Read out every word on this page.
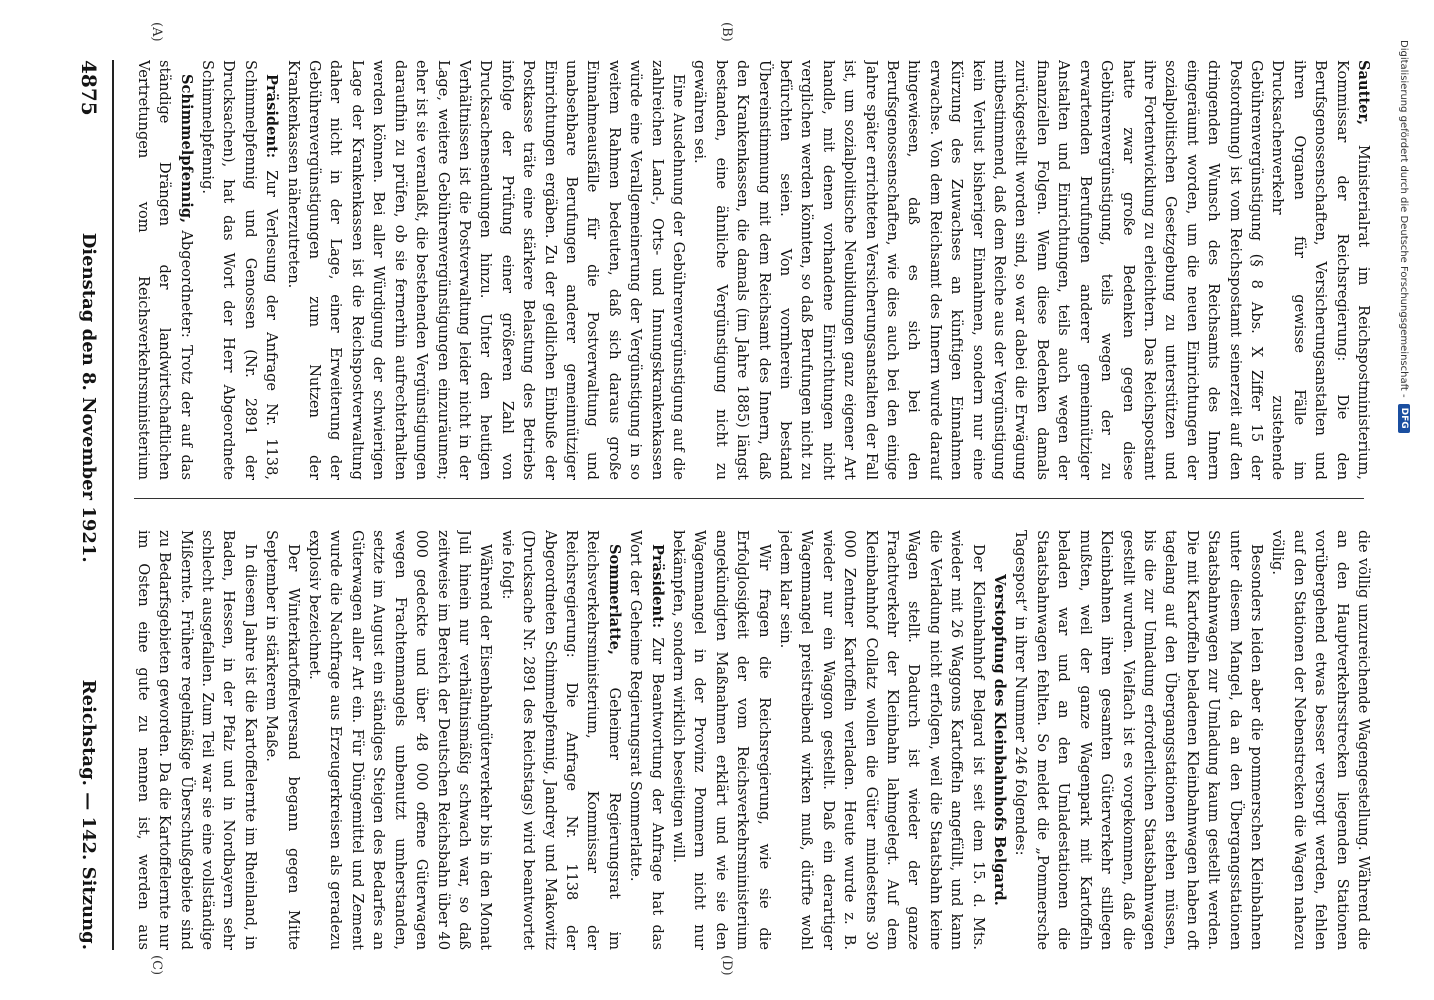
Digitalisierung gefördert durch die Deutsche Forschungsgemeinschaft -
DFG

die völlig unzureichende Wagengestellung. Während die an den Hauptverkehrsstrecken liegenden Stationen vorübergehend etwas besser versorgt werden, fehlen auf den Stationen der Nebenstrecken die Wagen nahezu völlig.

Besonders leiden aber die pommerschen Kleinbahnen unter diesem Mangel, da an den Übergangsstationen Staatsbahnwagen zur Umladung kaum gestellt werden. Die mit Kartoffeln beladenen Kleinbahnwagen haben oft tagelang auf den Übergangsstationen stehen müssen, bis die zur Umladung erforderlichen Staatsbahnwagen gestellt wurden. Vielfach ist es vorgekommen, daß die Kleinbahnen ihren gesamten Güterverkehr stillegen mußten, weil der ganze Wagenpark mit Kartoffeln beladen war und an den Umladestationen die Staatsbahnwagen fehlten. So meldet die „Pommersche Tagespost“ in ihrer Nummer 246 folgendes:

Verstopfung des Kleinbahnhofs Belgard.

Der Kleinbahnhof Belgard ist seit dem 15. d. Mts. wieder mit 26 Waggons Kartoffeln angefüllt, und kann die Verladung nicht erfolgen, weil die Staatsbahn keine Wagen stellt. Dadurch ist wieder der ganze Frachtverkehr der Kleinbahn lahmgelegt. Auf dem Kleinbahnhof Collatz wollen die Güter mindestens 30 000 Zentner Kartoffeln verladen. Heute wurde z. B. wieder nur ein Waggon gestellt. Daß ein derartiger Wagenmangel preistreibend wirken muß, dürfte wohl jedem klar sein.

Wir fragen die Reichsregierung, wie sie die Erfolglosigkeit der vom Reichsverkehrsministerium angekündigten Maßnahmen erklärt und wie sie den Wagenmangel in der Provinz Pommern nicht nur bekämpfen, sondern wirklich beseitigen will.

Präsident: Zur Beantwortung der Anfrage hat das Wort der Geheime Regierungsrat Sommerlatte.

Sommerlatte, Geheimer Regierungsrat im Reichsverkehrsministerium, Kommissar der Reichsregierung: Die Anfrage Nr. 1138 der Abgeordneten Schimmelpfennig, Jandrey und Makowitz (Drucksache Nr. 2891 des Reichstags) wird beantwortet wie folgt:

Während der Eisenbahngüterverkehr bis in den Monat Juli hinein nur verhältnismäßig schwach war, so daß zeitweise im Bereich der Deutschen Reichsbahn über 40 000 gedeckte und über 48 000 offene Güterwagen wegen Frachtenmangels unbenutzt umherstanden, setzte im August ein ständiges Steigen des Bedarfes an Güterwagen aller Art ein. Für Düngemittel und Zement wurde die Nachfrage aus Erzeugerkreisen als geradezu explosiv bezeichnet.

Der Winterkartoffelversand begann gegen Mitte September in stärkerem Maße.

In diesem Jahre ist die Kartoffelernte im Rheinland, in Baden, Hessen, in der Pfalz und in Nordbayern sehr schlecht ausgefallen. Zum Teil war sie eine vollständige Mißernte. Frühere regelmäßige Überschußgebiete sind zu Bedarfsgebieten geworden. Da die Kartoffelernte nur im Osten eine gute zu nennen ist, werden aus

Sautter, Ministerialrat im Reichspostministerium, Kommissar der Reichsregierung: Die den Berufsgenossenschaften, Versicherungsanstalten und ihren Organen für gewisse Fälle im Drucksachenverkehr zustehende Gebührenvergünstigung (§ 8 Abs. X Ziffer 15 der Postordnung) ist vom Reichspostamt seinerzeit auf den dringenden Wunsch des Reichsamts des Innern eingeräumt worden, um die neuen Einrichtungen der sozialpolitischen Gesetzgebung zu unterstützen und ihre Fortentwicklung zu erleichtern. Das Reichspostamt hatte zwar große Bedenken gegen diese Gebührenvergünstigung, teils wegen der zu erwartenden Berufungen anderer gemeinnütziger Anstalten und Einrichtungen, teils auch wegen der finanziellen Folgen. Wenn diese Bedenken damals zurückgestellt worden sind, so war dabei die Erwägung mitbestimmend, daß dem Reiche aus der Vergünstigung kein Verlust bisheriger Einnahmen, sondern nur eine Kürzung des Zuwachses an künftigen Einnahmen erwachse. Von dem Reichsamt des Innern wurde darauf hingewiesen, daß es sich bei den Berufsgenossenschaften, wie dies auch bei den einige Jahre später errichteten Versicherungsanstalten der Fall ist, um sozialpolitische Neubildungen ganz eigener Art handle, mit denen vorhandene Einrichtungen nicht verglichen werden könnten, so daß Berufungen nicht zu befürchten seien. Von vornherein bestand Übereinstimmung mit dem Reichsamt des Innern, daß den Krankenkassen, die damals (im Jahre 1885) längst bestanden, eine ähnliche Vergünstigung nicht zu gewähren sei.

Eine Ausdehnung der Gebührenvergünstigung auf die zahlreichen Land-, Orts- und Innungskrankenkassen würde eine Verallgemeinerung der Vergünstigung in so weitem Rahmen bedeuten, daß sich daraus große Einnahmeausfälle für die Postverwaltung und unabsehbare Berufungen anderer gemeinnütziger Einrichtungen ergäben. Zu der geldlichen Einbuße der Postkasse träte eine stärkere Belastung des Betriebs infolge der Prüfung einer größeren Zahl von Drucksachensendungen hinzu. Unter den heutigen Verhältnissen ist die Postverwaltung leider nicht in der Lage, weitere Gebührenvergünstigungen einzuräumen; eher ist sie veranlaßt, die bestehenden Vergünstigungen daraufhin zu prüfen, ob sie fernerhin aufrechterhalten werden können. Bei aller Würdigung der schwierigen Lage der Krankenkassen ist die Reichspostverwaltung daher nicht in der Lage, einer Erweiterung der Gebührenvergünstigungen zum Nutzen der Krankenkassen näherzutreten.

Präsident: Zur Verlesung der Anfrage Nr. 1138, Schimmelpfennig und Genossen (Nr. 2891 der Drucksachen), hat das Wort der Herr Abgeordnete Schimmelpfennig.

Schimmelpfennig, Abgeordneter: Trotz der auf das ständige Drängen der landwirtschaftlichen Vertretungen vom Reichsverkehrsministerium

(A)	(B)
(C)	(D)
4875
Dienstag den 8. November 1921.
Reichstag. — 142. Sitzung.
